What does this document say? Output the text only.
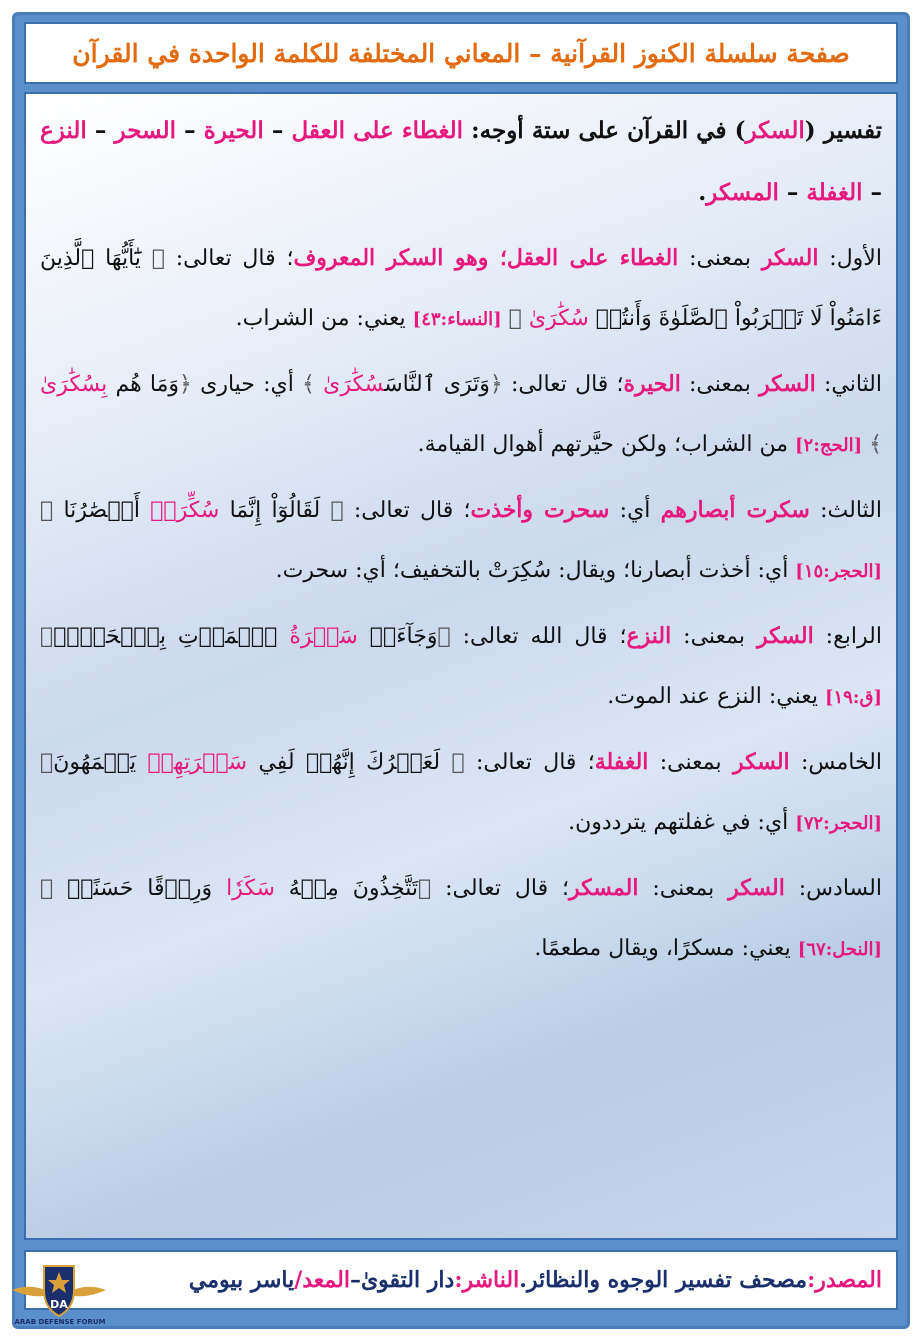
صفحة سلسلة الكنوز القرآنية – المعاني المختلفة للكلمة الواحدة في القرآن

تفسير (السكر) في القرآن على ستة أوجه: الغطاء على العقل – الحيرة – السحر – النزع – الغفلة – المسكر.

الأول: السكر بمعنى: الغطاء على العقل؛ وهو السكر المعروف؛ قال تعالى: ﴿ يَٰٓأَيُّهَا ٱلَّذِينَ ءَامَنُواْ لَا تَقۡرَبُواْ ٱلصَّلَوٰةَ وَأَنتُمۡ سُكَٰرَىٰ ﴾ [النساء:٤٣] يعني: من الشراب.

الثاني: السكر بمعنى: الحيرة؛ قال تعالى: ﴿وَتَرَى ٱلنَّاسَسُكَٰرَىٰ ﴾ أي: حيارى ﴿وَمَا هُم بِسُكَٰرَىٰ ﴾ [الحج:٢] من الشراب؛ ولكن حيَّرتهم أهوال القيامة.

الثالث: سكرت أبصارهم أي: سحرت وأخذت؛ قال تعالى: ﴿ لَقَالُوٓاْ إِنَّمَا سُكِّرَتۡ أَبۡصَٰرُنَا ﴾ [الحجر:١٥] أي: أخذت أبصارنا؛ ويقال: سُكِرَتْ بالتخفيف؛ أي: سحرت.

الرابع: السكر بمعنى: النزع؛ قال الله تعالى: ﴿وَجَآءَتۡ سَكۡرَةُ ٱلۡمَوۡتِ بِٱلۡحَقِّۖ﴾ [ق:١٩] يعني: النزع عند الموت.

الخامس: السكر بمعنى: الغفلة؛ قال تعالى: ﴿ لَعَمۡرُكَ إِنَّهُمۡ لَفِي سَكۡرَتِهِمۡ يَعۡمَهُونَ﴾ [الحجر:٧٢] أي: في غفلتهم يترددون.

السادس: السكر بمعنى: المسكر؛ قال تعالى: ﴿تَتَّخِذُونَ مِنۡهُ سَكَرٗا وَرِزۡقًا حَسَنًاۗ ﴾ [النحل:٦٧] يعني: مسكرًا، ويقال مطعمًا.

المصدر:
مصحف تفسير الوجوه والنظائر
.
الناشر:
دار التقوىٰ
–
المعد/
ياسر بيومي
DA
ARAB DEFENSE FORUM
